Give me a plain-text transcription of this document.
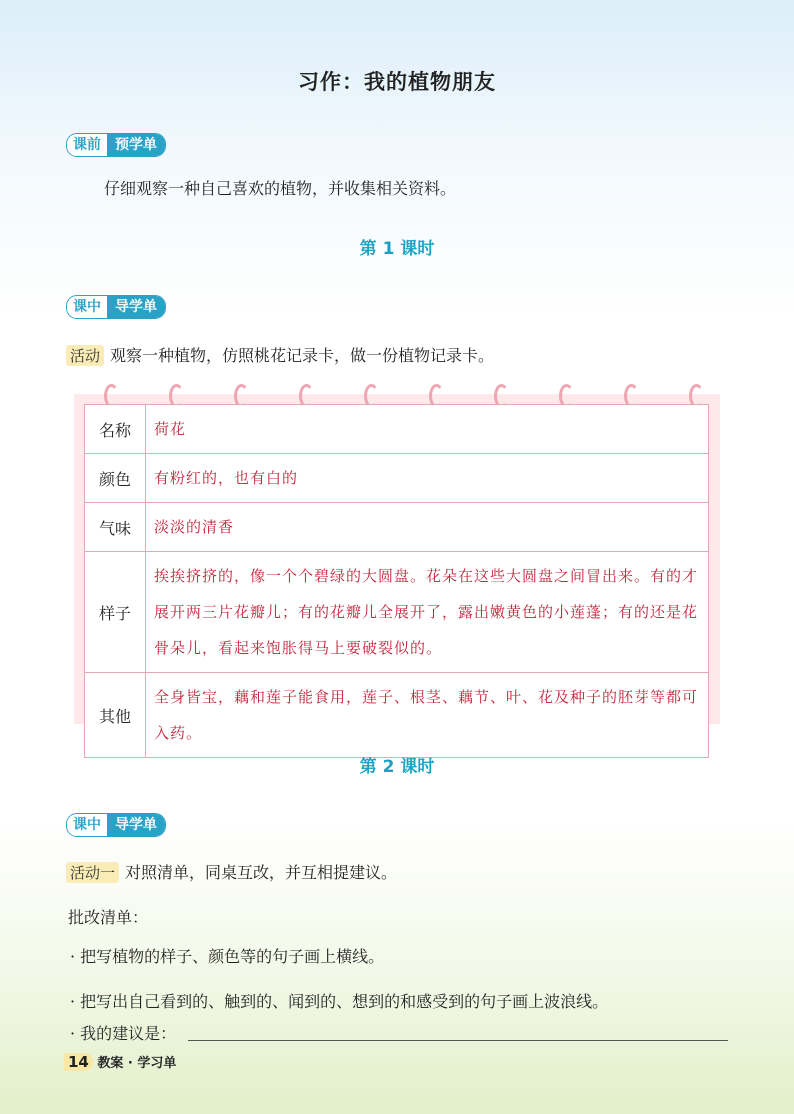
习作：我的植物朋友
课前	预学单
仔细观察一种自己喜欢的植物，并收集相关资料。
第 1 课时
课中	导学单
活动 观察一种植物，仿照桃花记录卡，做一份植物记录卡。
名称	荷花
颜色	有粉红的，也有白的
气味	淡淡的清香
样子	挨挨挤挤的，像一个个碧绿的大圆盘。花朵在这些大圆盘之间冒出来。有的才展开两三片花瓣儿；有的花瓣儿全展开了，露出嫩黄色的小莲蓬；有的还是花骨朵儿，看起来饱胀得马上要破裂似的。
其他	全身皆宝，藕和莲子能食用，莲子、根茎、藕节、叶、花及种子的胚芽等都可入药。
第 2 课时
课中	导学单
活动一 对照清单，同桌互改，并互相提建议。
批改清单：
· 把写植物的样子、颜色等的句子画上横线。
· 把写出自己看到的、触到的、闻到的、想到的和感受到的句子画上波浪线。
· 我的建议是：
14 教案 · 学习单
